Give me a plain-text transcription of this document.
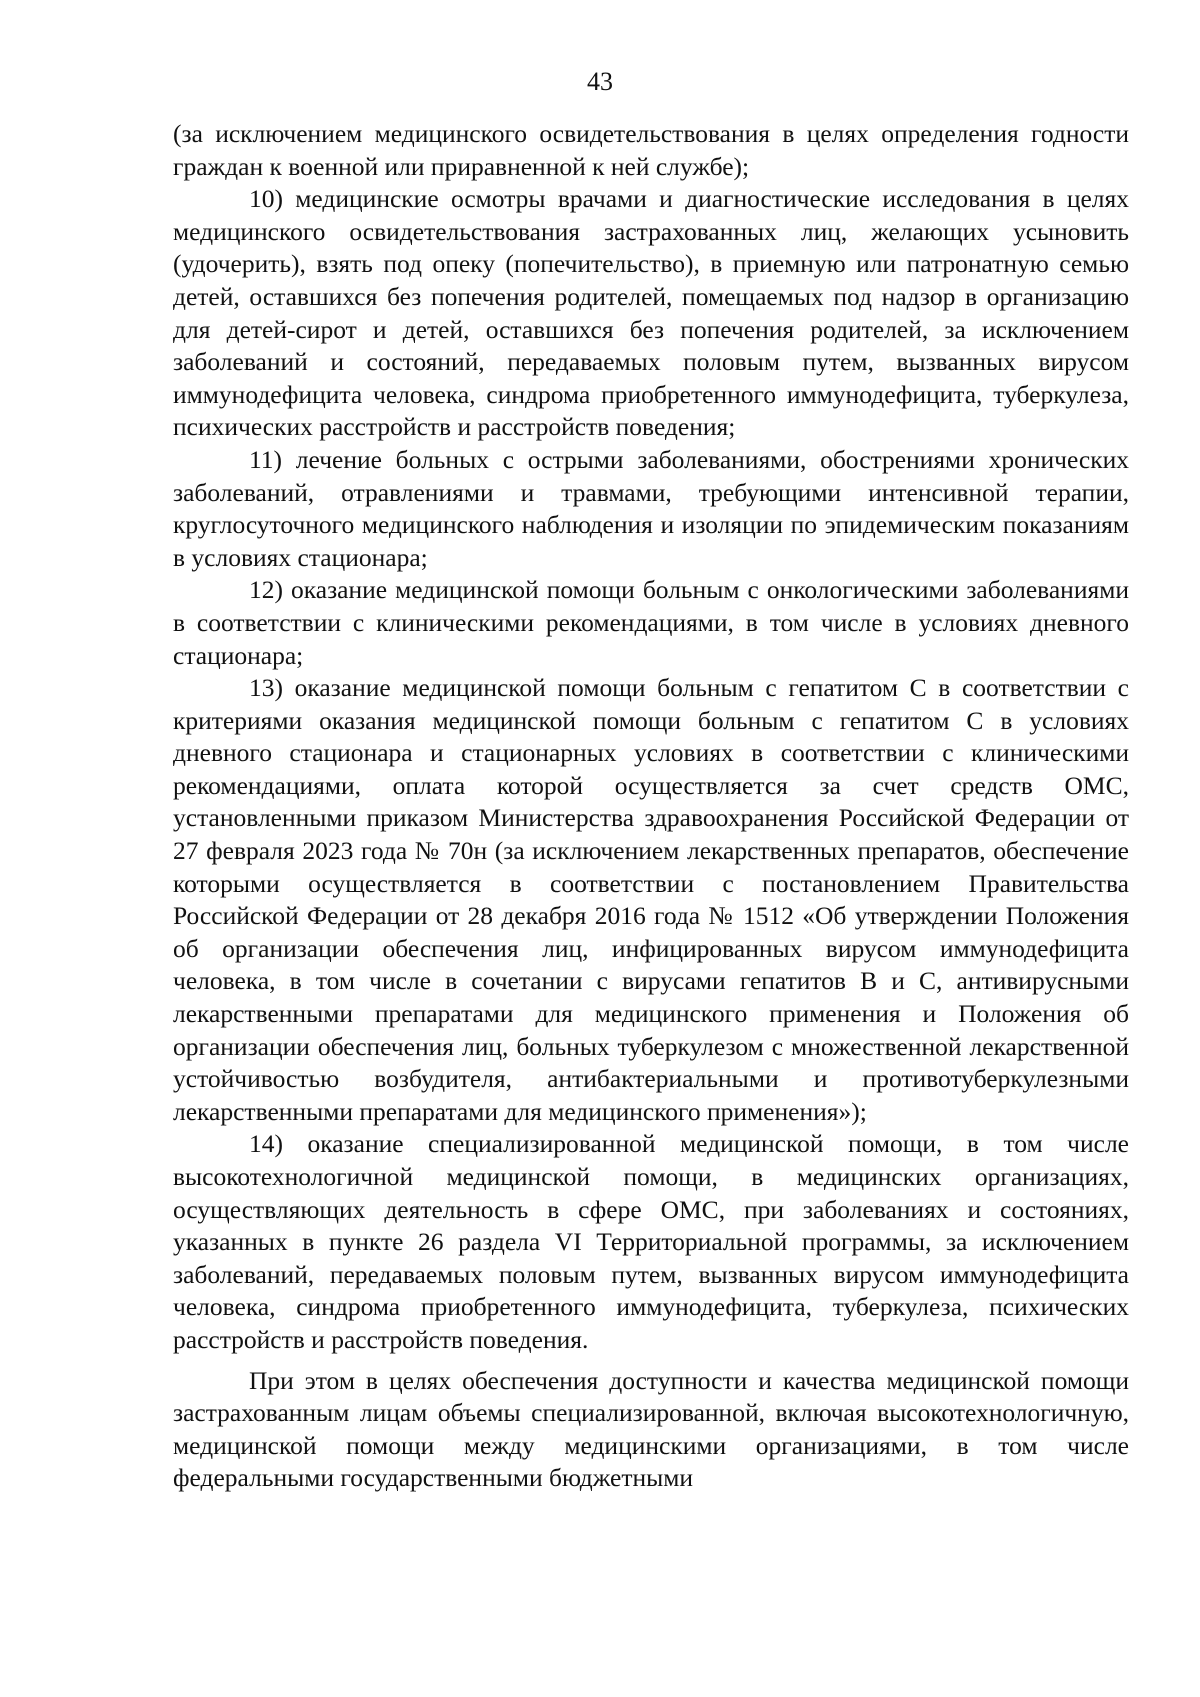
43

(за исключением медицинского освидетельствования в целях определения годности граждан к военной или приравненной к ней службе);

10) медицинские осмотры врачами и диагностические исследования в целях медицинского освидетельствования застрахованных лиц, желающих усыновить (удочерить), взять под опеку (попечительство), в приемную или патронатную семью детей, оставшихся без попечения родителей, помещаемых под надзор в организацию для детей-сирот и детей, оставшихся без попечения родителей, за исключением заболеваний и состояний, передаваемых половым путем, вызванных вирусом иммунодефицита человека, синдрома приобретенного иммунодефицита, туберкулеза, психических расстройств и расстройств поведения;

11) лечение больных с острыми заболеваниями, обострениями хронических заболеваний, отравлениями и травмами, требующими интенсивной терапии, круглосуточного медицинского наблюдения и изоляции по эпидемическим показаниям в условиях стационара;

12) оказание медицинской помощи больным с онкологическими заболеваниями в соответствии с клиническими рекомендациями, в том числе в условиях дневного стационара;

13) оказание медицинской помощи больным с гепатитом С в соответствии с критериями оказания медицинской помощи больным с гепатитом С в условиях дневного стационара и стационарных условиях в соответствии с клиническими рекомендациями, оплата которой осуществляется за счет средств ОМС, установленными приказом Министерства здравоохранения Российской Федерации от 27 февраля 2023 года № 70н (за исключением лекарственных препаратов, обеспечение которыми осуществляется в соответствии с постановлением Правительства Российской Федерации от 28 декабря 2016 года № 1512 «Об утверждении Положения об организации обеспечения лиц, инфицированных вирусом иммунодефицита человека, в том числе в сочетании с вирусами гепатитов В и С, антивирусными лекарственными препаратами для медицинского применения и Положения об организации обеспечения лиц, больных туберкулезом с множественной лекарственной устойчивостью возбудителя, антибактериальными и противотуберкулезными лекарственными препаратами для медицинского применения»);

14) оказание специализированной медицинской помощи, в том числе высокотехнологичной медицинской помощи, в медицинских организациях, осуществляющих деятельность в сфере ОМС, при заболеваниях и состояниях, указанных в пункте 26 раздела VI Территориальной программы, за исключением заболеваний, передаваемых половым путем, вызванных вирусом иммунодефицита человека, синдрома приобретенного иммунодефицита, туберкулеза, психических расстройств и расстройств поведения.

При этом в целях обеспечения доступности и качества медицинской помощи застрахованным лицам объемы специализированной, включая высокотехнологичную, медицинской помощи между медицинскими организациями, в том числе федеральными государственными бюджетными
